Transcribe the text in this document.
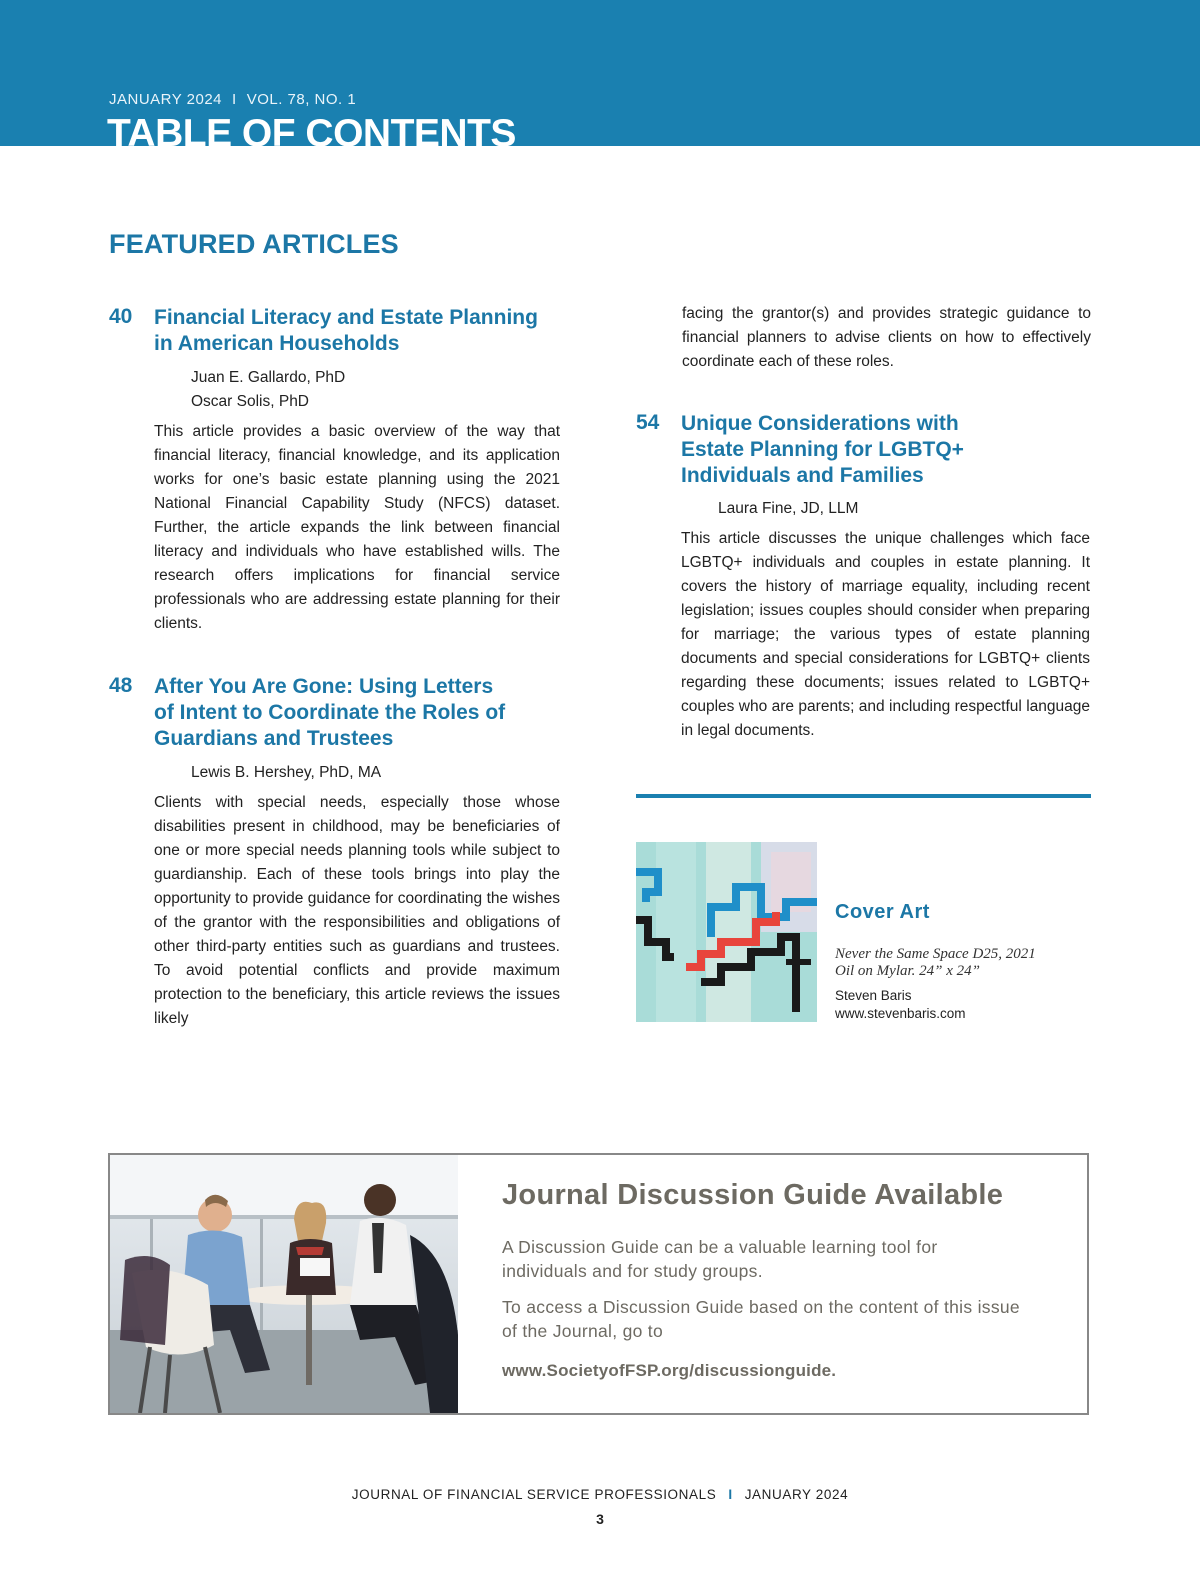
JANUARY 2024 I VOL. 78, NO. 1
TABLE OF CONTENTS
FEATURED ARTICLES
40 Financial Literacy and Estate Planning
in American Households
Juan E. Gallardo, PhD
Oscar Solis, PhD
This article provides a basic overview of the way that financial literacy, financial knowledge, and its application works for one’s basic estate planning using the 2021 National Financial Capability Study (NFCS) dataset. Further, the article expands the link between financial literacy and individuals who have established wills. The research offers implications for financial service professionals who are addressing estate planning for their clients.
48 After You Are Gone: Using Letters
of Intent to Coordinate the Roles of
Guardians and Trustees
Lewis B. Hershey, PhD, MA
Clients with special needs, especially those whose disabilities present in childhood, may be beneficiaries of one or more special needs planning tools while subject to guardianship. Each of these tools brings into play the opportunity to provide guidance for coordinating the wishes of the grantor with the responsibilities and obligations of other third-party entities such as guardians and trustees. To avoid potential conflicts and provide maximum protection to the beneficiary, this article reviews the issues likely

facing the grantor(s) and provides strategic guidance to financial planners to advise clients on how to effectively coordinate each of these roles.

54 Unique Considerations with
Estate Planning for LGBTQ+
Individuals and Families
Laura Fine, JD, LLM
This article discusses the unique challenges which face LGBTQ+ individuals and couples in estate planning. It covers the history of marriage equality, including recent legislation; issues couples should consider when preparing for marriage; the various types of estate planning documents and special considerations for LGBTQ+ clients regarding these documents; issues related to LGBTQ+ couples who are parents; and including respectful language in legal documents.
Cover Art
Never the Same Space D25, 2021
Oil on Mylar. 24” x 24”
Steven Baris
www.stevenbaris.com
Journal Discussion Guide Available

A Discussion Guide can be a valuable learning tool for individuals and for study groups.

To access a Discussion Guide based on the content of this issue of the Journal, go to

www.SocietyofFSP.org/discussionguide.
JOURNAL OF FINANCIAL SERVICE PROFESSIONALS I JANUARY 2024
3
